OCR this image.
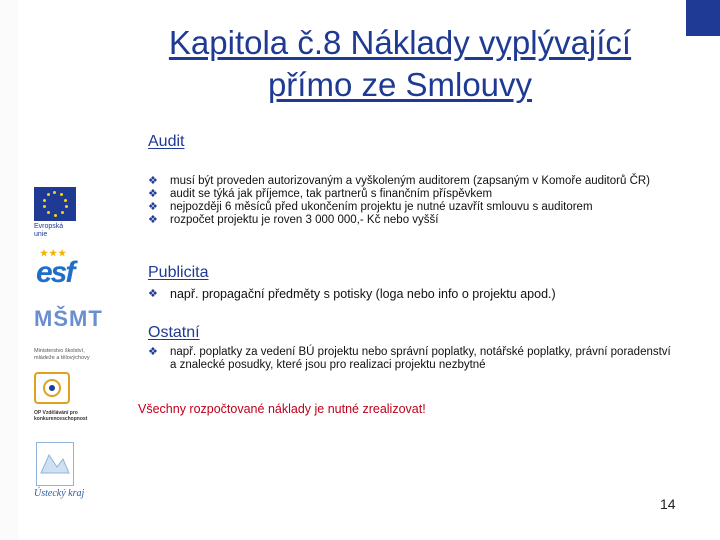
Kapitola č.8 Náklady vyplývající
přímo ze Smlouvy
Audit
❖ musí být proveden autorizovaným a vyškoleným auditorem (zapsaným v Komoře auditorů ČR)
❖ audit se týká jak příjemce, tak partnerů s finančním příspěvkem
❖ nejpozději 6 měsíců před ukončením projektu je nutné uzavřít smlouvu s auditorem
❖ rozpočet projektu je roven 3 000 000,- Kč nebo vyšší
Publicita
❖ např. propagační předměty s potisky (loga nebo info o projektu apod.)
Ostatní
❖ např. poplatky za vedení BÚ projektu nebo správní poplatky, notářské poplatky, právní poradenství a znalecké posudky, které jsou pro realizaci projektu nezbytné
Všechny rozpočtované náklady je nutné zrealizovat!
14
Evropská
unie
★★★
esf
MŠMT
Ministerstvo školství, mládeže a tělovýchovy
OP Vzdělávání pro konkurenceschopnost
Ústecký kraj
